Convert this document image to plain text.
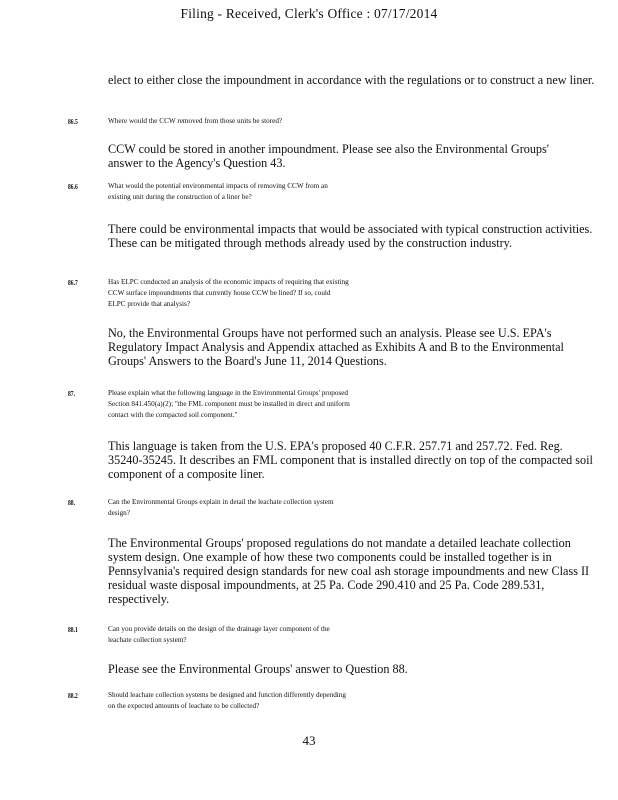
Filing - Received, Clerk's Office : 07/17/2014
elect to either close the impoundment in accordance with the regulations or to construct a new liner.
86.5	Where would the CCW removed from those units be stored?
CCW could be stored in another impoundment. Please see also the Environmental Groups' answer to the Agency's Question 43.
86.6	What would the potential environmental impacts of removing CCW from an
existing unit during the construction of a liner be?
There could be environmental impacts that would be associated with typical construction activities. These can be mitigated through methods already used by the construction industry.
86.7	Has ELPC conducted an analysis of the economic impacts of requiring that existing
CCW surface impoundments that currently house CCW be lined? If so, could
ELPC provide that analysis?
No, the Environmental Groups have not performed such an analysis. Please see U.S. EPA's Regulatory Impact Analysis and Appendix attached as Exhibits A and B to the Environmental Groups' Answers to the Board's June 11, 2014 Questions.
87.	Please explain what the following language in the Environmental Groups' proposed
Section 841.450(a)(2); "the FML component must be installed in direct and uniform
contact with the compacted soil component."
This language is taken from the U.S. EPA's proposed 40 C.F.R. 257.71 and 257.72. Fed. Reg. 35240-35245. It describes an FML component that is installed directly on top of the compacted soil component of a composite liner.
88.	Can the Environmental Groups explain in detail the leachate collection system
design?
The Environmental Groups' proposed regulations do not mandate a detailed leachate collection system design. One example of how these two components could be installed together is in Pennsylvania's required design standards for new coal ash storage impoundments and new Class II residual waste disposal impoundments, at 25 Pa. Code 290.410 and 25 Pa. Code 289.531, respectively.
88.1	Can you provide details on the design of the drainage layer component of the
leachate collection system?
Please see the Environmental Groups' answer to Question 88.
88.2	Should leachate collection systems be designed and function differently depending
on the expected amounts of leachate to be collected?
43
